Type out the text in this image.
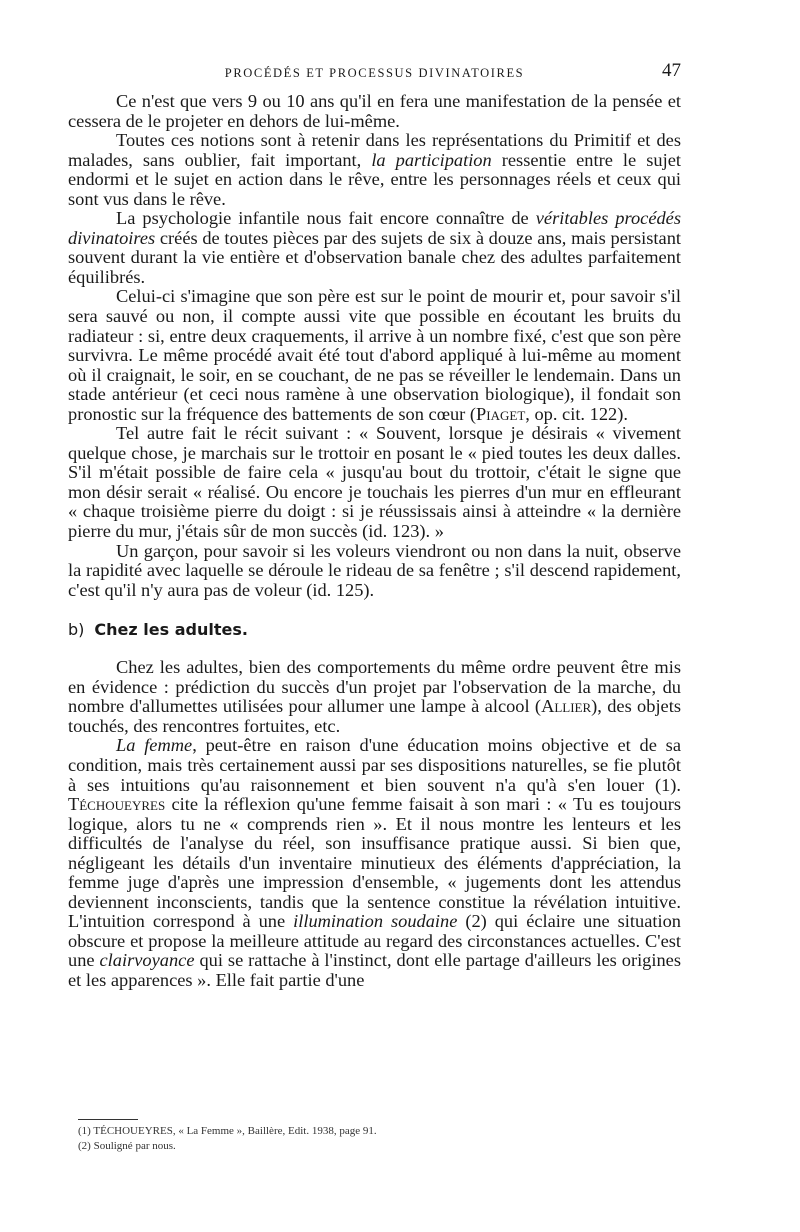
PROCÉDÉS ET PROCESSUS DIVINATOIRES	47

Ce n'est que vers 9 ou 10 ans qu'il en fera une manifestation de la pensée et cessera de le projeter en dehors de lui-même.

Toutes ces notions sont à retenir dans les représentations du Primitif et des malades, sans oublier, fait important, la participation ressentie entre le sujet endormi et le sujet en action dans le rêve, entre les personnages réels et ceux qui sont vus dans le rêve.

La psychologie infantile nous fait encore connaître de véritables procédés divinatoires créés de toutes pièces par des sujets de six à douze ans, mais persistant souvent durant la vie entière et d'observation banale chez des adultes parfaitement équilibrés.

Celui-ci s'imagine que son père est sur le point de mourir et, pour savoir s'il sera sauvé ou non, il compte aussi vite que possible en écoutant les bruits du radiateur : si, entre deux craquements, il arrive à un nombre fixé, c'est que son père survivra. Le même procédé avait été tout d'abord appliqué à lui-même au moment où il craignait, le soir, en se couchant, de ne pas se réveiller le lendemain. Dans un stade antérieur (et ceci nous ramène à une observation biologique), il fondait son pronostic sur la fréquence des battements de son cœur (Piaget, op. cit. 122).

Tel autre fait le récit suivant : « Souvent, lorsque je désirais « vivement quelque chose, je marchais sur le trottoir en posant le « pied toutes les deux dalles. S'il m'était possible de faire cela « jusqu'au bout du trottoir, c'était le signe que mon désir serait « réalisé. Ou encore je touchais les pierres d'un mur en effleurant « chaque troisième pierre du doigt : si je réussissais ainsi à atteindre « la dernière pierre du mur, j'étais sûr de mon succès (id. 123). »

Un garçon, pour savoir si les voleurs viendront ou non dans la nuit, observe la rapidité avec laquelle se déroule le rideau de sa fenêtre ; s'il descend rapidement, c'est qu'il n'y aura pas de voleur (id. 125).

b) Chez les adultes.

Chez les adultes, bien des comportements du même ordre peuvent être mis en évidence : prédiction du succès d'un projet par l'observation de la marche, du nombre d'allumettes utilisées pour allumer une lampe à alcool (Allier), des objets touchés, des rencontres fortuites, etc.

La femme, peut-être en raison d'une éducation moins objective et de sa condition, mais très certainement aussi par ses dispositions naturelles, se fie plutôt à ses intuitions qu'au raisonnement et bien souvent n'a qu'à s'en louer (1). Téchoueyres cite la réflexion qu'une femme faisait à son mari : « Tu es toujours logique, alors tu ne « comprends rien ». Et il nous montre les lenteurs et les difficultés de l'analyse du réel, son insuffisance pratique aussi. Si bien que, négligeant les détails d'un inventaire minutieux des éléments d'appréciation, la femme juge d'après une impression d'ensemble, « jugements dont les attendus deviennent inconscients, tandis que la sentence constitue la révélation intuitive. L'intuition correspond à une illumination soudaine (2) qui éclaire une situation obscure et propose la meilleure attitude au regard des circonstances actuelles. C'est une clairvoyance qui se rattache à l'instinct, dont elle partage d'ailleurs les origines et les apparences ». Elle fait partie d'une

(1) TÉCHOUEYRES, « La Femme », Baillère, Edit. 1938, page 91.
(2) Souligné par nous.
